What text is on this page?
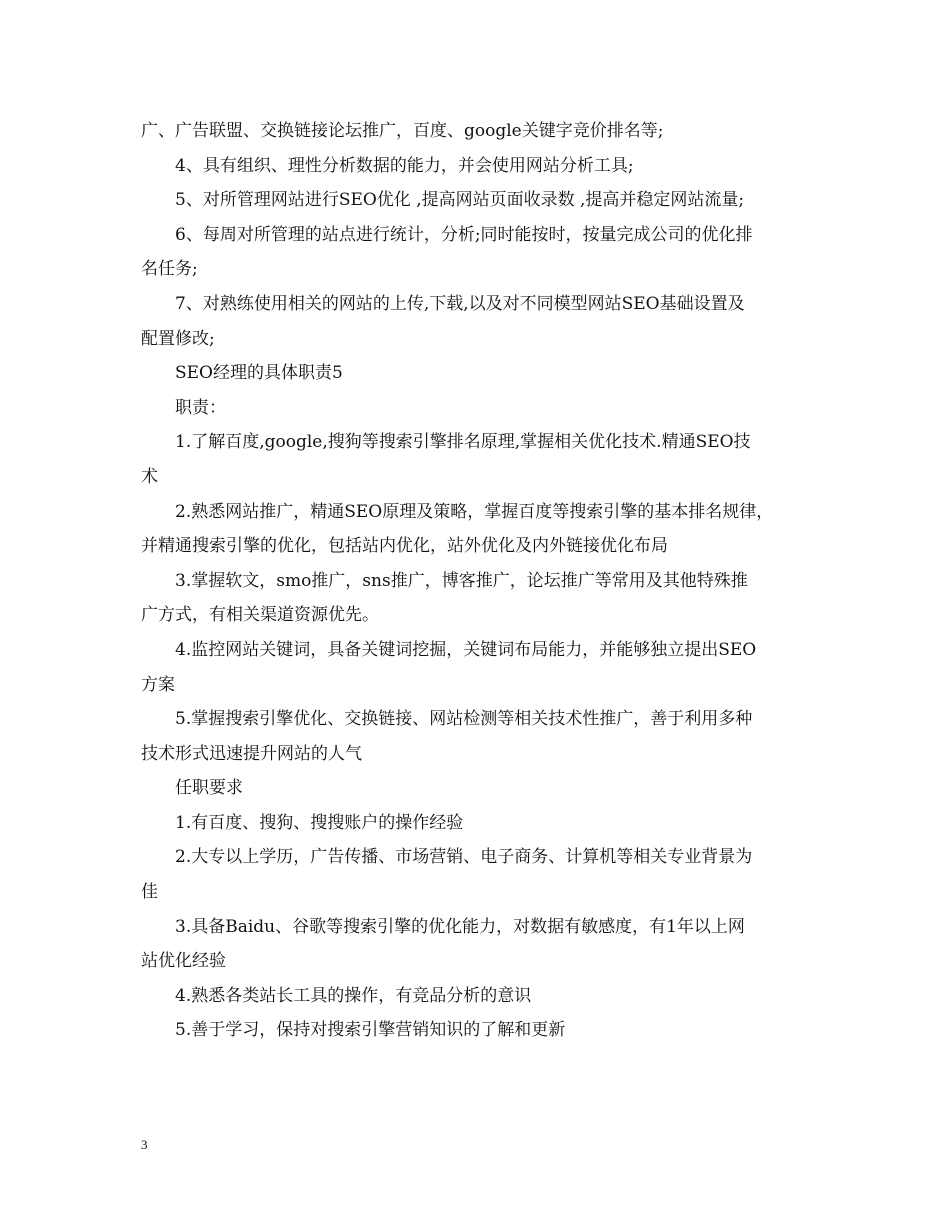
广、广告联盟、交换链接论坛推广，百度、google关键字竞价排名等;
4、具有组织、理性分析数据的能力，并会使用网站分析工具;
5、对所管理网站进行SEO优化 ,提高网站页面收录数 ,提高并稳定网站流量;
6、每周对所管理的站点进行统计，分析;同时能按时，按量完成公司的优化排
名任务;
7、对熟练使用相关的网站的上传,下载,以及对不同模型网站SEO基础设置及
配置修改;
SEO经理的具体职责5
职责：
1.了解百度,google,搜狗等搜索引擎排名原理,掌握相关优化技术.精通SEO技
术
2.熟悉网站推广，精通SEO原理及策略，掌握百度等搜索引擎的基本排名规律，
并精通搜索引擎的优化，包括站内优化，站外优化及内外链接优化布局
3.掌握软文，smo推广，sns推广，博客推广，论坛推广等常用及其他特殊推
广方式，有相关渠道资源优先。
4.监控网站关键词，具备关键词挖掘，关键词布局能力，并能够独立提出SEO
方案
5.掌握搜索引擎优化、交换链接、网站检测等相关技术性推广，善于利用多种
技术形式迅速提升网站的人气
任职要求
1.有百度、搜狗、搜搜账户的操作经验
2.大专以上学历，广告传播、市场营销、电子商务、计算机等相关专业背景为
佳
3.具备Baidu、谷歌等搜索引擎的优化能力，对数据有敏感度，有1年以上网
站优化经验
4.熟悉各类站长工具的操作，有竞品分析的意识
5.善于学习，保持对搜索引擎营销知识的了解和更新
3
